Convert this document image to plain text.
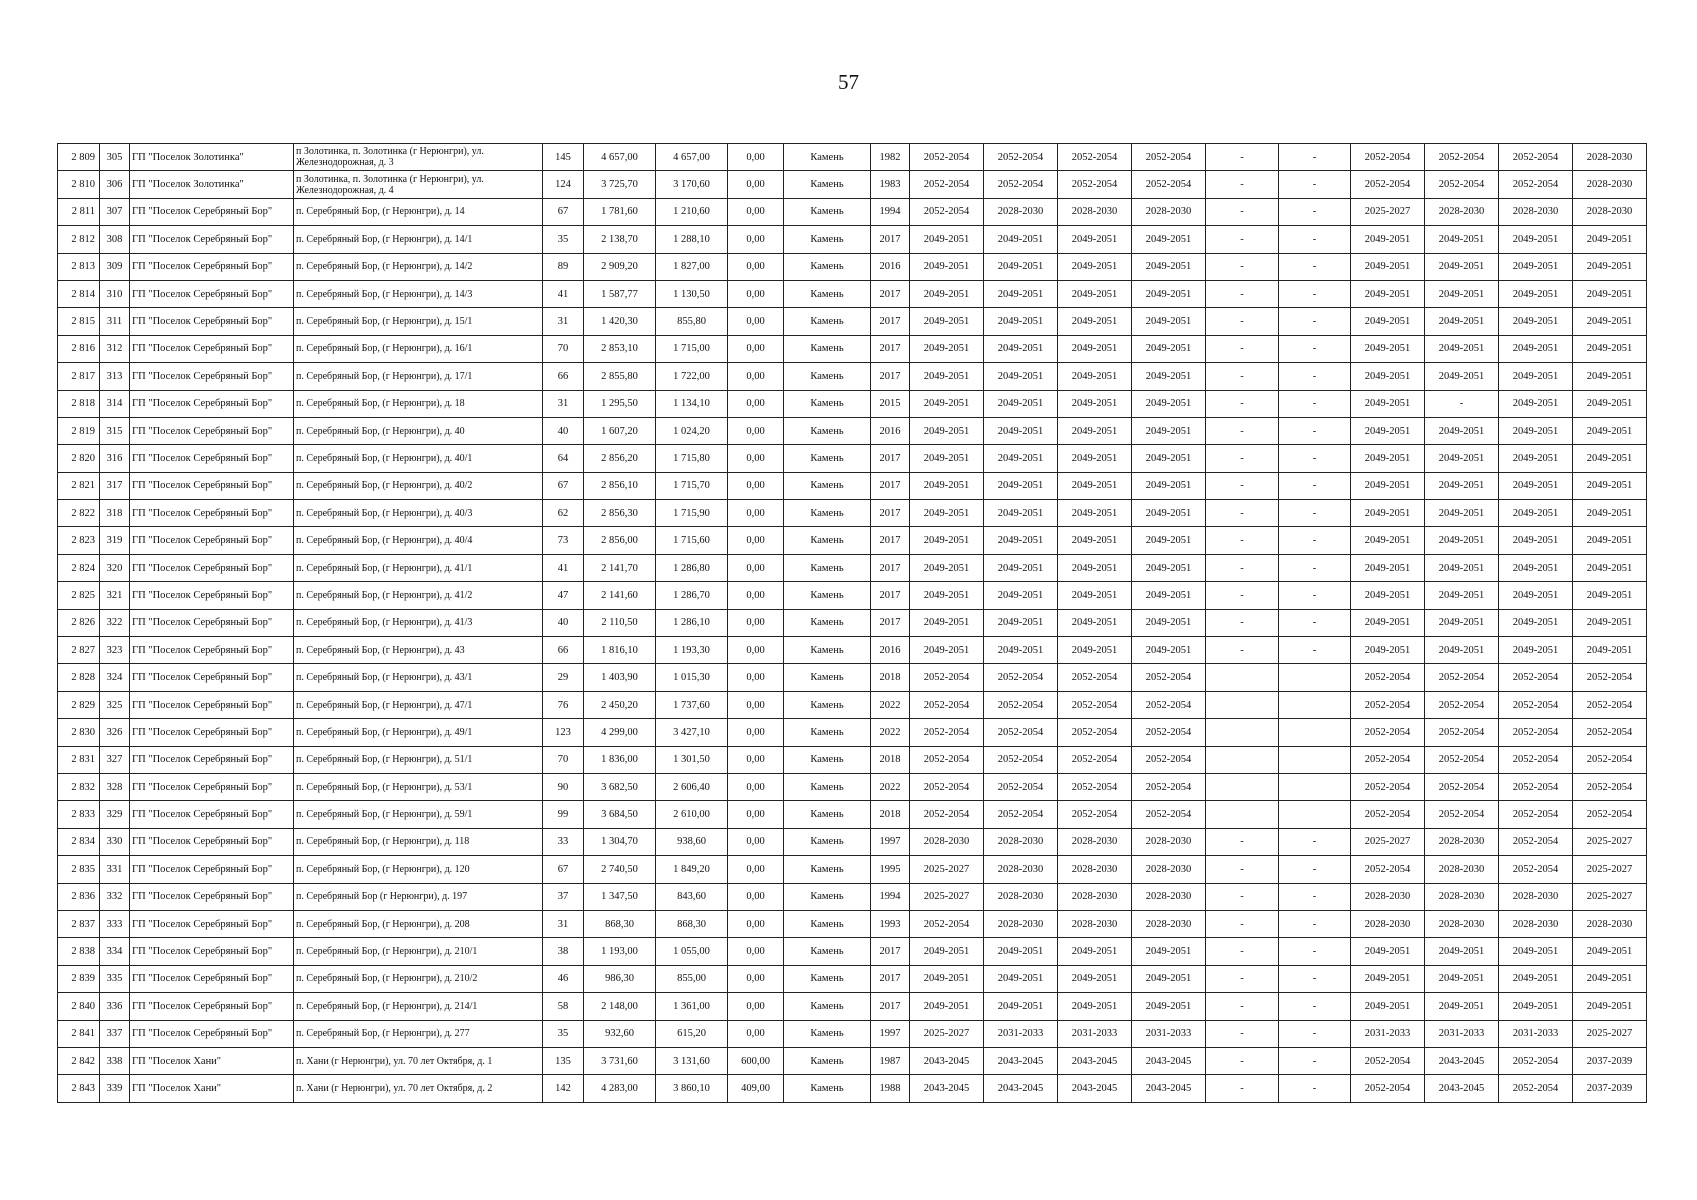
57
2 809	305	ГП "Поселок Золотинка"	п Золотинка, п. Золотинка (г Нерюнгри), ул. Железнодорожная, д. 3	145	4 657,00	4 657,00	0,00	Камень	1982	2052-2054	2052-2054	2052-2054	2052-2054	-	-	2052-2054	2052-2054	2052-2054	2028-2030
2 810	306	ГП "Поселок Золотинка"	п Золотинка, п. Золотинка (г Нерюнгри), ул. Железнодорожная, д. 4	124	3 725,70	3 170,60	0,00	Камень	1983	2052-2054	2052-2054	2052-2054	2052-2054	-	-	2052-2054	2052-2054	2052-2054	2028-2030
2 811	307	ГП "Поселок Серебряный Бор"	п. Серебряный Бор, (г Нерюнгри), д. 14	67	1 781,60	1 210,60	0,00	Камень	1994	2052-2054	2028-2030	2028-2030	2028-2030	-	-	2025-2027	2028-2030	2028-2030	2028-2030
2 812	308	ГП "Поселок Серебряный Бор"	п. Серебряный Бор, (г Нерюнгри), д. 14/1	35	2 138,70	1 288,10	0,00	Камень	2017	2049-2051	2049-2051	2049-2051	2049-2051	-	-	2049-2051	2049-2051	2049-2051	2049-2051
2 813	309	ГП "Поселок Серебряный Бор"	п. Серебряный Бор, (г Нерюнгри), д. 14/2	89	2 909,20	1 827,00	0,00	Камень	2016	2049-2051	2049-2051	2049-2051	2049-2051	-	-	2049-2051	2049-2051	2049-2051	2049-2051
2 814	310	ГП "Поселок Серебряный Бор"	п. Серебряный Бор, (г Нерюнгри), д. 14/3	41	1 587,77	1 130,50	0,00	Камень	2017	2049-2051	2049-2051	2049-2051	2049-2051	-	-	2049-2051	2049-2051	2049-2051	2049-2051
2 815	311	ГП "Поселок Серебряный Бор"	п. Серебряный Бор, (г Нерюнгри), д. 15/1	31	1 420,30	855,80	0,00	Камень	2017	2049-2051	2049-2051	2049-2051	2049-2051	-	-	2049-2051	2049-2051	2049-2051	2049-2051
2 816	312	ГП "Поселок Серебряный Бор"	п. Серебряный Бор, (г Нерюнгри), д. 16/1	70	2 853,10	1 715,00	0,00	Камень	2017	2049-2051	2049-2051	2049-2051	2049-2051	-	-	2049-2051	2049-2051	2049-2051	2049-2051
2 817	313	ГП "Поселок Серебряный Бор"	п. Серебряный Бор, (г Нерюнгри), д. 17/1	66	2 855,80	1 722,00	0,00	Камень	2017	2049-2051	2049-2051	2049-2051	2049-2051	-	-	2049-2051	2049-2051	2049-2051	2049-2051
2 818	314	ГП "Поселок Серебряный Бор"	п. Серебряный Бор, (г Нерюнгри), д. 18	31	1 295,50	1 134,10	0,00	Камень	2015	2049-2051	2049-2051	2049-2051	2049-2051	-	-	2049-2051	-	2049-2051	2049-2051
2 819	315	ГП "Поселок Серебряный Бор"	п. Серебряный Бор, (г Нерюнгри), д. 40	40	1 607,20	1 024,20	0,00	Камень	2016	2049-2051	2049-2051	2049-2051	2049-2051	-	-	2049-2051	2049-2051	2049-2051	2049-2051
2 820	316	ГП "Поселок Серебряный Бор"	п. Серебряный Бор, (г Нерюнгри), д. 40/1	64	2 856,20	1 715,80	0,00	Камень	2017	2049-2051	2049-2051	2049-2051	2049-2051	-	-	2049-2051	2049-2051	2049-2051	2049-2051
2 821	317	ГП "Поселок Серебряный Бор"	п. Серебряный Бор, (г Нерюнгри), д. 40/2	67	2 856,10	1 715,70	0,00	Камень	2017	2049-2051	2049-2051	2049-2051	2049-2051	-	-	2049-2051	2049-2051	2049-2051	2049-2051
2 822	318	ГП "Поселок Серебряный Бор"	п. Серебряный Бор, (г Нерюнгри), д. 40/3	62	2 856,30	1 715,90	0,00	Камень	2017	2049-2051	2049-2051	2049-2051	2049-2051	-	-	2049-2051	2049-2051	2049-2051	2049-2051
2 823	319	ГП "Поселок Серебряный Бор"	п. Серебряный Бор, (г Нерюнгри), д. 40/4	73	2 856,00	1 715,60	0,00	Камень	2017	2049-2051	2049-2051	2049-2051	2049-2051	-	-	2049-2051	2049-2051	2049-2051	2049-2051
2 824	320	ГП "Поселок Серебряный Бор"	п. Серебряный Бор, (г Нерюнгри), д. 41/1	41	2 141,70	1 286,80	0,00	Камень	2017	2049-2051	2049-2051	2049-2051	2049-2051	-	-	2049-2051	2049-2051	2049-2051	2049-2051
2 825	321	ГП "Поселок Серебряный Бор"	п. Серебряный Бор, (г Нерюнгри), д. 41/2	47	2 141,60	1 286,70	0,00	Камень	2017	2049-2051	2049-2051	2049-2051	2049-2051	-	-	2049-2051	2049-2051	2049-2051	2049-2051
2 826	322	ГП "Поселок Серебряный Бор"	п. Серебряный Бор, (г Нерюнгри), д. 41/3	40	2 110,50	1 286,10	0,00	Камень	2017	2049-2051	2049-2051	2049-2051	2049-2051	-	-	2049-2051	2049-2051	2049-2051	2049-2051
2 827	323	ГП "Поселок Серебряный Бор"	п. Серебряный Бор, (г Нерюнгри), д. 43	66	1 816,10	1 193,30	0,00	Камень	2016	2049-2051	2049-2051	2049-2051	2049-2051	-	-	2049-2051	2049-2051	2049-2051	2049-2051
2 828	324	ГП "Поселок Серебряный Бор"	п. Серебряный Бор, (г Нерюнгри), д. 43/1	29	1 403,90	1 015,30	0,00	Камень	2018	2052-2054	2052-2054	2052-2054	2052-2054			2052-2054	2052-2054	2052-2054	2052-2054
2 829	325	ГП "Поселок Серебряный Бор"	п. Серебряный Бор, (г Нерюнгри), д. 47/1	76	2 450,20	1 737,60	0,00	Камень	2022	2052-2054	2052-2054	2052-2054	2052-2054			2052-2054	2052-2054	2052-2054	2052-2054
2 830	326	ГП "Поселок Серебряный Бор"	п. Серебряный Бор, (г Нерюнгри), д. 49/1	123	4 299,00	3 427,10	0,00	Камень	2022	2052-2054	2052-2054	2052-2054	2052-2054			2052-2054	2052-2054	2052-2054	2052-2054
2 831	327	ГП "Поселок Серебряный Бор"	п. Серебряный Бор, (г Нерюнгри), д. 51/1	70	1 836,00	1 301,50	0,00	Камень	2018	2052-2054	2052-2054	2052-2054	2052-2054			2052-2054	2052-2054	2052-2054	2052-2054
2 832	328	ГП "Поселок Серебряный Бор"	п. Серебряный Бор, (г Нерюнгри), д. 53/1	90	3 682,50	2 606,40	0,00	Камень	2022	2052-2054	2052-2054	2052-2054	2052-2054			2052-2054	2052-2054	2052-2054	2052-2054
2 833	329	ГП "Поселок Серебряный Бор"	п. Серебряный Бор, (г Нерюнгри), д. 59/1	99	3 684,50	2 610,00	0,00	Камень	2018	2052-2054	2052-2054	2052-2054	2052-2054			2052-2054	2052-2054	2052-2054	2052-2054
2 834	330	ГП "Поселок Серебряный Бор"	п. Серебряный Бор, (г Нерюнгри), д. 118	33	1 304,70	938,60	0,00	Камень	1997	2028-2030	2028-2030	2028-2030	2028-2030	-	-	2025-2027	2028-2030	2052-2054	2025-2027
2 835	331	ГП "Поселок Серебряный Бор"	п. Серебряный Бор, (г Нерюнгри), д. 120	67	2 740,50	1 849,20	0,00	Камень	1995	2025-2027	2028-2030	2028-2030	2028-2030	-	-	2052-2054	2028-2030	2052-2054	2025-2027
2 836	332	ГП "Поселок Серебряный Бор"	п. Серебряный Бор (г Нерюнгри), д. 197	37	1 347,50	843,60	0,00	Камень	1994	2025-2027	2028-2030	2028-2030	2028-2030	-	-	2028-2030	2028-2030	2028-2030	2025-2027
2 837	333	ГП "Поселок Серебряный Бор"	п. Серебряный Бор, (г Нерюнгри), д. 208	31	868,30	868,30	0,00	Камень	1993	2052-2054	2028-2030	2028-2030	2028-2030	-	-	2028-2030	2028-2030	2028-2030	2028-2030
2 838	334	ГП "Поселок Серебряный Бор"	п. Серебряный Бор, (г Нерюнгри), д. 210/1	38	1 193,00	1 055,00	0,00	Камень	2017	2049-2051	2049-2051	2049-2051	2049-2051	-	-	2049-2051	2049-2051	2049-2051	2049-2051
2 839	335	ГП "Поселок Серебряный Бор"	п. Серебряный Бор, (г Нерюнгри), д. 210/2	46	986,30	855,00	0,00	Камень	2017	2049-2051	2049-2051	2049-2051	2049-2051	-	-	2049-2051	2049-2051	2049-2051	2049-2051
2 840	336	ГП "Поселок Серебряный Бор"	п. Серебряный Бор, (г Нерюнгри), д. 214/1	58	2 148,00	1 361,00	0,00	Камень	2017	2049-2051	2049-2051	2049-2051	2049-2051	-	-	2049-2051	2049-2051	2049-2051	2049-2051
2 841	337	ГП "Поселок Серебряный Бор"	п. Серебряный Бор, (г Нерюнгри), д. 277	35	932,60	615,20	0,00	Камень	1997	2025-2027	2031-2033	2031-2033	2031-2033	-	-	2031-2033	2031-2033	2031-2033	2025-2027
2 842	338	ГП "Поселок Хани"	п. Хани (г Нерюнгри), ул. 70 лет Октября, д. 1	135	3 731,60	3 131,60	600,00	Камень	1987	2043-2045	2043-2045	2043-2045	2043-2045	-	-	2052-2054	2043-2045	2052-2054	2037-2039
2 843	339	ГП "Поселок Хани"	п. Хани (г Нерюнгри), ул. 70 лет Октября, д. 2	142	4 283,00	3 860,10	409,00	Камень	1988	2043-2045	2043-2045	2043-2045	2043-2045	-	-	2052-2054	2043-2045	2052-2054	2037-2039
